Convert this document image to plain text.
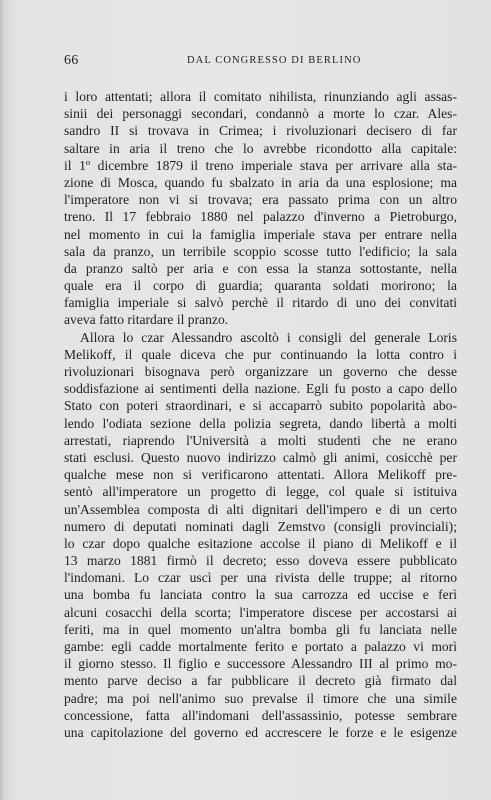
66	DAL CONGRESSO DI BERLINO
i loro attentati; allora il comitato nihilista, rinunziando agli assas-
sinii dei personaggi secondari, condannò a morte lo czar. Ales-
sandro II si trovava in Crimea; i rivoluzionari decisero di far
saltare in aria il treno che lo avrebbe ricondotto alla capitale:
il 1º dicembre 1879 il treno imperiale stava per arrivare alla sta-
zione di Mosca, quando fu sbalzato in aria da una esplosione; ma
l'imperatore non vi si trovava; era passato prima con un altro
treno. Il 17 febbraio 1880 nel palazzo d'inverno a Pietroburgo,
nel momento in cui la famiglia imperiale stava per entrare nella
sala da pranzo, un terribile scoppio scosse tutto l'edificio; la sala
da pranzo saltò per aria e con essa la stanza sottostante, nella
quale era il corpo di guardia; quaranta soldati morirono; la
famiglia imperiale si salvò perchè il ritardo di uno dei convitati
aveva fatto ritardare il pranzo.
Allora lo czar Alessandro ascoltò i consigli del generale Loris
Melikoff, il quale diceva che pur continuando la lotta contro i
rivoluzionari bisognava però organizzare un governo che desse
soddisfazione ai sentimenti della nazione. Egli fu posto a capo dello
Stato con poteri straordinari, e si accaparrò subito popolarità abo-
lendo l'odiata sezione della polizia segreta, dando libertà a molti
arrestati, riaprendo l'Università a molti studenti che ne erano
stati esclusi. Questo nuovo indirizzo calmò gli animi, cosicchè per
qualche mese non si verificarono attentati. Allora Melikoff pre-
sentò all'imperatore un progetto di legge, col quale si istituiva
un'Assemblea composta di alti dignitari dell'impero e di un certo
numero di deputati nominati dagli Zemstvo (consigli provinciali);
lo czar dopo qualche esitazione accolse il piano di Melikoff e il
13 marzo 1881 firmò il decreto; esso doveva essere pubblicato
l'indomani. Lo czar uscì per una rivista delle truppe; al ritorno
una bomba fu lanciata contro la sua carrozza ed uccise e ferì
alcuni cosacchi della scorta; l'imperatore discese per accostarsi ai
feriti, ma in quel momento un'altra bomba gli fu lanciata nelle
gambe: egli cadde mortalmente ferito e portato a palazzo vi morì
il giorno stesso. Il figlio e successore Alessandro III al primo mo-
mento parve deciso a far pubblicare il decreto già firmato dal
padre; ma poi nell'animo suo prevalse il timore che una simile
concessione, fatta all'indomani dell'assassinio, potesse sembrare
una capitolazione del governo ed accrescere le forze e le esigenze
